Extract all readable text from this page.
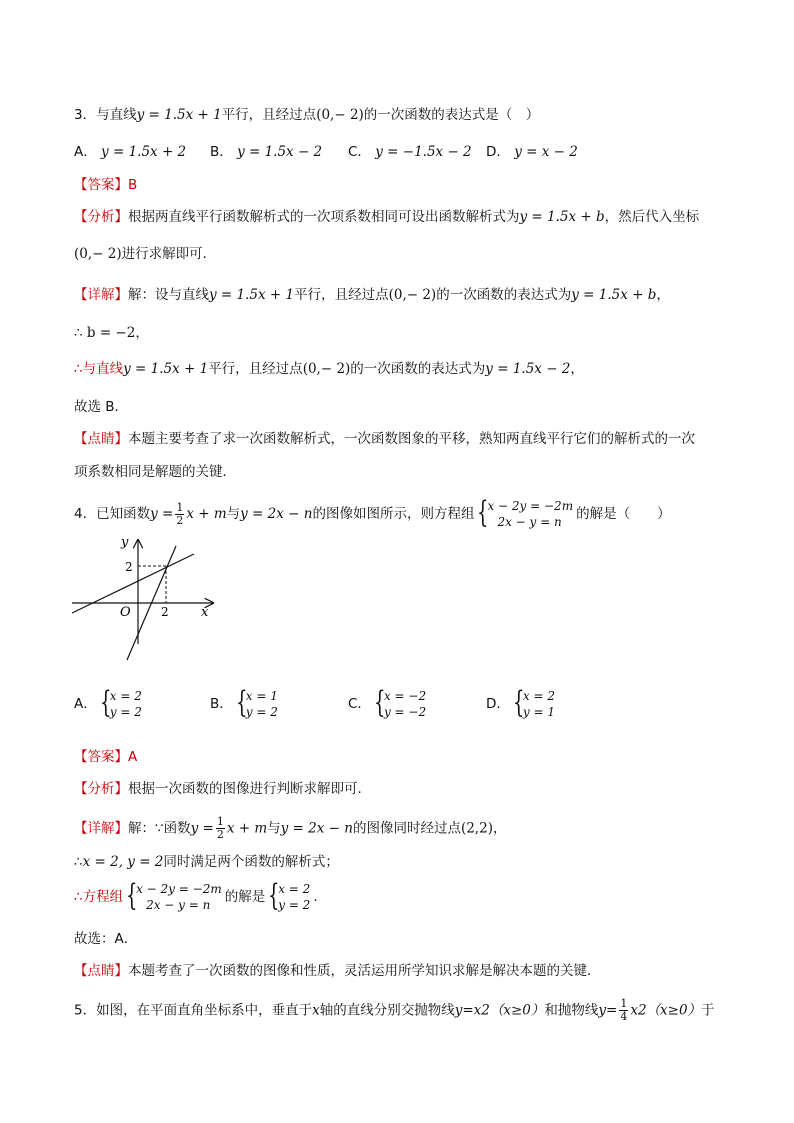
3．与直线y = 1.5x + 1平行，且经过点(0,− 2)的一次函数的表达式是（　）
A． y = 1.5x + 2 B． y = 1.5x − 2 C． y = −1.5x − 2 D． y = x − 2
【答案】B
【分析】根据两直线平行函数解析式的一次项系数相同可设出函数解析式为y = 1.5x + b，然后代入坐标
(0,− 2)进行求解即可．
【详解】解：设与直线y = 1.5x + 1平行，且经过点(0,− 2)的一次函数的表达式为y = 1.5x + b，
∴ b = −2，
∴与直线y = 1.5x + 1平行，且经过点(0,− 2)的一次函数的表达式为y = 1.5x − 2，
故选 B．
【点睛】本题主要考查了求一次函数解析式，一次函数图象的平移，熟知两直线平行它们的解析式的一次
项系数相同是解题的关键．
4．已知函数$y = \frac{1}{2}$ x + m与y = 2x − n的图像如图所示，则方程组 {
x − 2y = −2m
2x − y = n	的解是（　　）
y
x
O	2
2
A． {
x = 2
y = 2	B． {
x = 1
y = 2	C． {
x = −2
y = −2	D． {
x = 2
y = 1
【答案】A
【分析】根据一次函数的图像进行判断求解即可．
【详解】解：∵函数$y = \frac{1}{2}$ x + m与y = 2x − n的图像同时经过点(2,2)，
∴x = 2, y = 2同时满足两个函数的解析式；
∴方程组 {
x − 2y = −2m
2x − y = n	的解是 {
x = 2
y = 2 ．
故选：A．
【点睛】本题考查了一次函数的图像和性质，灵活运用所学知识求解是解决本题的关键．
5．如图，在平面直角坐标系中，垂直于x轴的直线分别交抛物线y=x2（x≥0）和抛物线$y= \frac{1}{4} x2(x\ge 0)$于
